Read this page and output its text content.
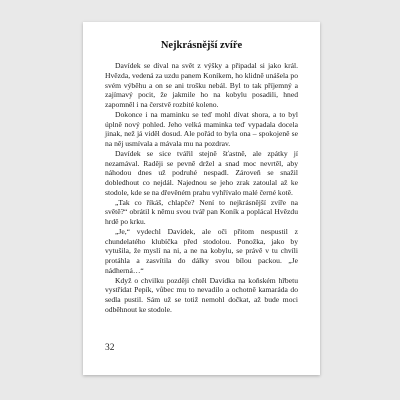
Nejkrásnější zvíře

Davídek se díval na svět z výšky a připadal si jako král. Hvězda, vedená za uzdu panem Koníkem, ho klidně unášela po svém výběhu a on se ani trošku nebál. Byl to tak příjemný a zajímavý pocit, že jakmile ho na kobylu posadili, hned zapomněl i na čerstvě rozbité koleno.

Dokonce i na maminku se teď mohl dívat shora, a to byl úplně nový pohled. Jeho velká maminka teď vypadala docela jinak, než já viděl dosud. Ale pořád to byla ona – spokojeně se na něj usmívala a mávala mu na pozdrav.

Davídek se sice tvářil stejně šťastně, ale zpátky jí nezamával. Raději se pevně držel a snad moc nevrtěl, aby náhodou dnes už podruhé nespadl. Zároveň se snažil dobledhout co nejdál. Najednou se jeho zrak zatoulal až ke stodole, kde se na dřevěném prahu vyhřívalo malé černé kotě.

„Tak co říkáš, chlapče? Není to nejkrásnější zvíře na světě?“ obrátil k němu svou tvář pan Koník a poplácal Hvězdu hrdě po krku.

„Je,“ vydechl Davídek, ale oči přitom nespustil z chundelatého klubíčka před stodolou. Ponožka, jako by vytušila, že myslí na ni, a ne na kobylu, se právě v tu chvíli protáhla a zasvítila do dálky svou bílou packou. „Je nádherná…“

Když o chvilku později chtěl Davídka na koňském hřbetu vystřídat Pepík, vůbec mu to nevadilo a ochotně kamaráda do sedla pustil. Sám už se totiž nemohl dočkat, až bude moci odběhnout ke stodole.

32
